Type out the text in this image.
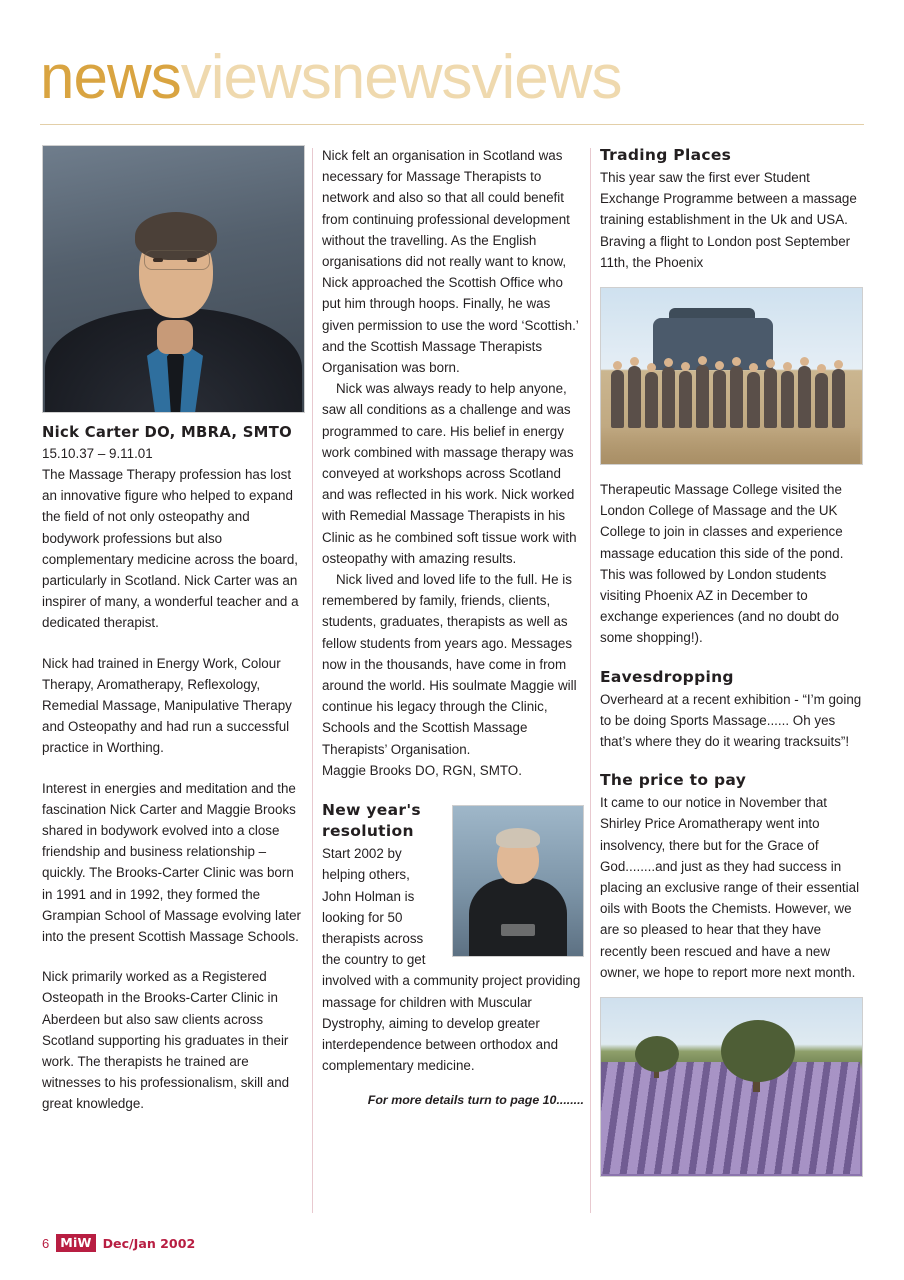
newsviewsnewsviews
Nick Carter DO, MBRA, SMTO

15.10.37 – 9.11.01

The Massage Therapy profession has lost an innovative figure who helped to expand the field of not only osteopathy and bodywork professions but also complementary medicine across the board, particularly in Scotland. Nick Carter was an inspirer of many, a wonderful teacher and a dedicated therapist.

Nick had trained in Energy Work, Colour Therapy, Aromatherapy, Reflexology, Remedial Massage, Manipulative Therapy and Osteopathy and had run a successful practice in Worthing.

Interest in energies and meditation and the fascination Nick Carter and Maggie Brooks shared in bodywork evolved into a close friendship and business relationship – quickly. The Brooks-Carter Clinic was born in 1991 and in 1992, they formed the Grampian School of Massage evolving later into the present Scottish Massage Schools.

Nick primarily worked as a Registered Osteopath in the Brooks-Carter Clinic in Aberdeen but also saw clients across Scotland supporting his graduates in their work. The therapists he trained are witnesses to his professionalism, skill and great knowledge.

Nick felt an organisation in Scotland was necessary for Massage Therapists to network and also so that all could benefit from continuing professional development without the travelling. As the English organisations did not really want to know, Nick approached the Scottish Office who put him through hoops. Finally, he was given permission to use the word ‘Scottish.’ and the Scottish Massage Therapists Organisation was born.

Nick was always ready to help anyone, saw all conditions as a challenge and was programmed to care. His belief in energy work combined with massage therapy was conveyed at workshops across Scotland and was reflected in his work. Nick worked with Remedial Massage Therapists in his Clinic as he combined soft tissue work with osteopathy with amazing results.

Nick lived and loved life to the full. He is remembered by family, friends, clients, students, graduates, therapists as well as fellow students from years ago. Messages now in the thousands, have come in from around the world. His soulmate Maggie will continue his legacy through the Clinic, Schools and the Scottish Massage Therapists’ Organisation.

Maggie Brooks DO, RGN, SMTO.

New year's
resolution

Start 2002 by helping others, John Holman is looking for 50 therapists across the country to get involved with a community project providing massage for children with Muscular Dystrophy, aiming to develop greater interdependence between orthodox and complementary medicine.

For more details turn to page 10........

Trading Places

This year saw the first ever Student Exchange Programme between a massage training establishment in the Uk and USA. Braving a flight to London post September 11th, the Phoenix

Therapeutic Massage College visited the London College of Massage and the UK College to join in classes and experience massage education this side of the pond. This was followed by London students visiting Phoenix AZ in December to exchange experiences (and no doubt do some shopping!).

Eavesdropping

Overheard at a recent exhibition - “I’m going to be doing Sports Massage...... Oh yes that’s where they do it wearing tracksuits”!

The price to pay

It came to our notice in November that Shirley Price Aromatherapy went into insolvency, there but for the Grace of God........and just as they had success in placing an exclusive range of their essential oils with Boots the Chemists. However, we are so pleased to hear that they have recently been rescued and have a new owner, we hope to report more next month.

6 MiW Dec/Jan 2002
